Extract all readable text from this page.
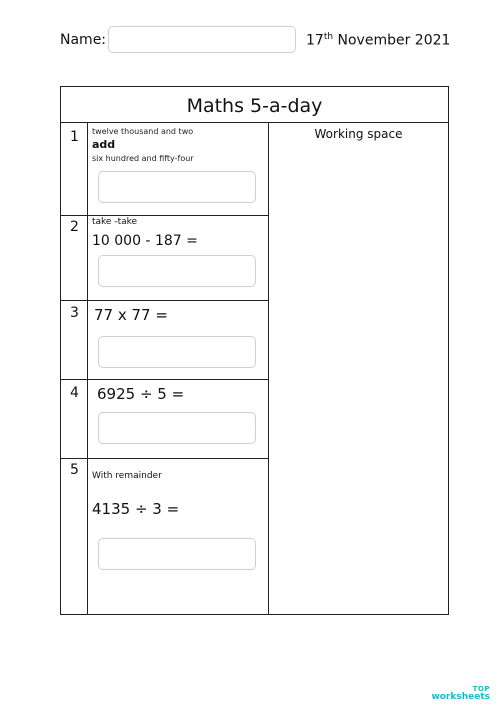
Name:	17th November 2021
Maths 5-a-day
Working space
1 twelve thousand and two
add
six hundred and fifty-four
2 take -take
10 000 - 187 =
3 77 x 77 =
4 6925 ÷ 5 =
5 With remainder
4135 ÷ 3 =
TOP
worksheets
